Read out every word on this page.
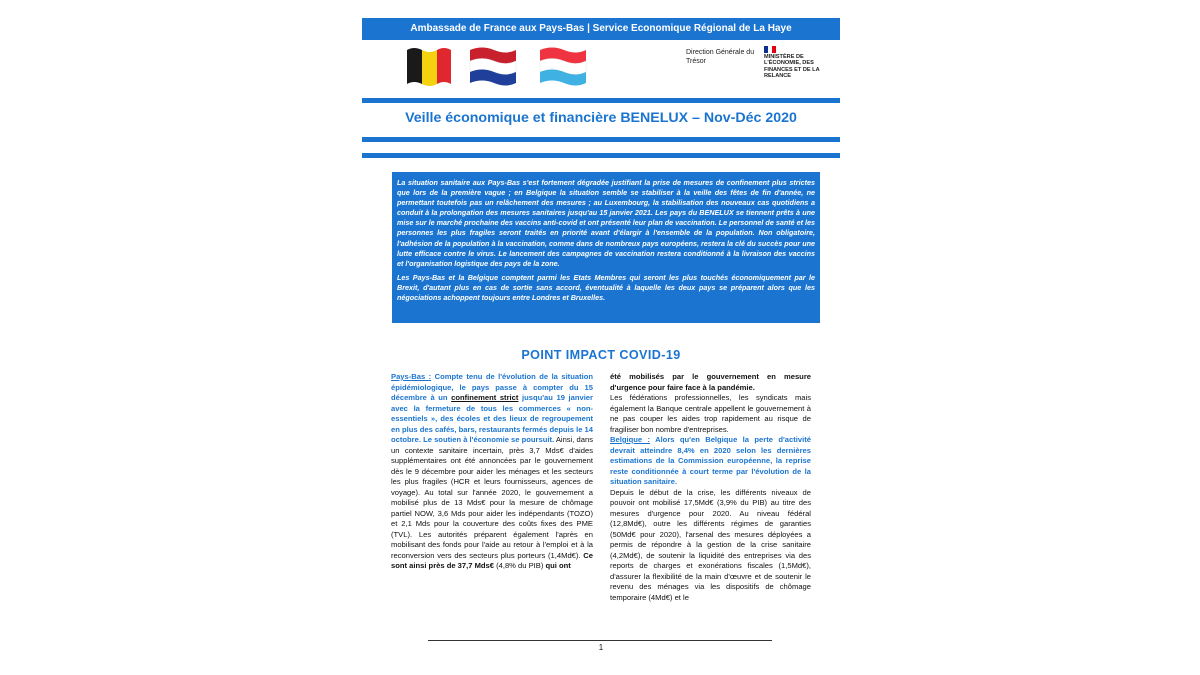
Ambassade de France aux Pays-Bas | Service Economique Régional de La Haye
Direction Générale du Trésor
MINISTÈRE DE L'ÉCONOMIE, DES FINANCES ET DE LA RELANCE
Veille économique et financière BENELUX – Nov-Déc 2020

La situation sanitaire aux Pays-Bas s'est fortement dégradée justifiant la prise de mesures de confinement plus strictes que lors de la première vague ; en Belgique la situation semble se stabiliser à la veille des fêtes de fin d'année, ne permettant toutefois pas un relâchement des mesures ; au Luxembourg, la stabilisation des nouveaux cas quotidiens a conduit à la prolongation des mesures sanitaires jusqu'au 15 janvier 2021. Les pays du BENELUX se tiennent prêts à une mise sur le marché prochaine des vaccins anti-covid et ont présenté leur plan de vaccination. Le personnel de santé et les personnes les plus fragiles seront traités en priorité avant d'élargir à l'ensemble de la population. Non obligatoire, l'adhésion de la population à la vaccination, comme dans de nombreux pays européens, restera la clé du succès pour une lutte efficace contre le virus. Le lancement des campagnes de vaccination restera conditionné à la livraison des vaccins et l'organisation logistique des pays de la zone.

Les Pays-Bas et la Belgique comptent parmi les Etats Membres qui seront les plus touchés économiquement par le Brexit, d'autant plus en cas de sortie sans accord, éventualité à laquelle les deux pays se préparent alors que les négociations achoppent toujours entre Londres et Bruxelles.

POINT IMPACT COVID-19

Pays-Bas : Compte tenu de l'évolution de la situation épidémiologique, le pays passe à compter du 15 décembre à un confinement strict jusqu'au 19 janvier avec la fermeture de tous les commerces « non-essentiels », des écoles et des lieux de regroupement en plus des cafés, bars, restaurants fermés depuis le 14 octobre. Le soutien à l'économie se poursuit. Ainsi, dans un contexte sanitaire incertain, près 3,7 Mds€ d'aides supplémentaires ont été annoncées par le gouvernement dès le 9 décembre pour aider les ménages et les secteurs les plus fragiles (HCR et leurs fournisseurs, agences de voyage). Au total sur l'année 2020, le gouvernement a mobilisé plus de 13 Mds€ pour la mesure de chômage partiel NOW, 3,6 Mds pour aider les indépendants (TOZO) et 2,1 Mds pour la couverture des coûts fixes des PME (TVL). Les autorités préparent également l'après en mobilisant des fonds pour l'aide au retour à l'emploi et à la reconversion vers des secteurs plus porteurs (1,4Md€). Ce sont ainsi près de 37,7 Mds€ (4,8% du PIB) qui ont

été mobilisés par le gouvernement en mesure d'urgence pour faire face à la pandémie.

Les fédérations professionnelles, les syndicats mais également la Banque centrale appellent le gouvernement à ne pas couper les aides trop rapidement au risque de fragiliser bon nombre d'entreprises.

Belgique : Alors qu'en Belgique la perte d'activité devrait atteindre 8,4% en 2020 selon les dernières estimations de la Commission européenne, la reprise reste conditionnée à court terme par l'évolution de la situation sanitaire.

Depuis le début de la crise, les différents niveaux de pouvoir ont mobilisé 17,5Md€ (3,9% du PIB) au titre des mesures d'urgence pour 2020. Au niveau fédéral (12,8Md€), outre les différents régimes de garanties (50Md€ pour 2020), l'arsenal des mesures déployées a permis de répondre à la gestion de la crise sanitaire (4,2Md€), de soutenir la liquidité des entreprises via des reports de charges et exonérations fiscales (1,5Md€), d'assurer la flexibilité de la main d'œuvre et de soutenir le revenu des ménages via les dispositifs de chômage temporaire (4Md€) et le

1
